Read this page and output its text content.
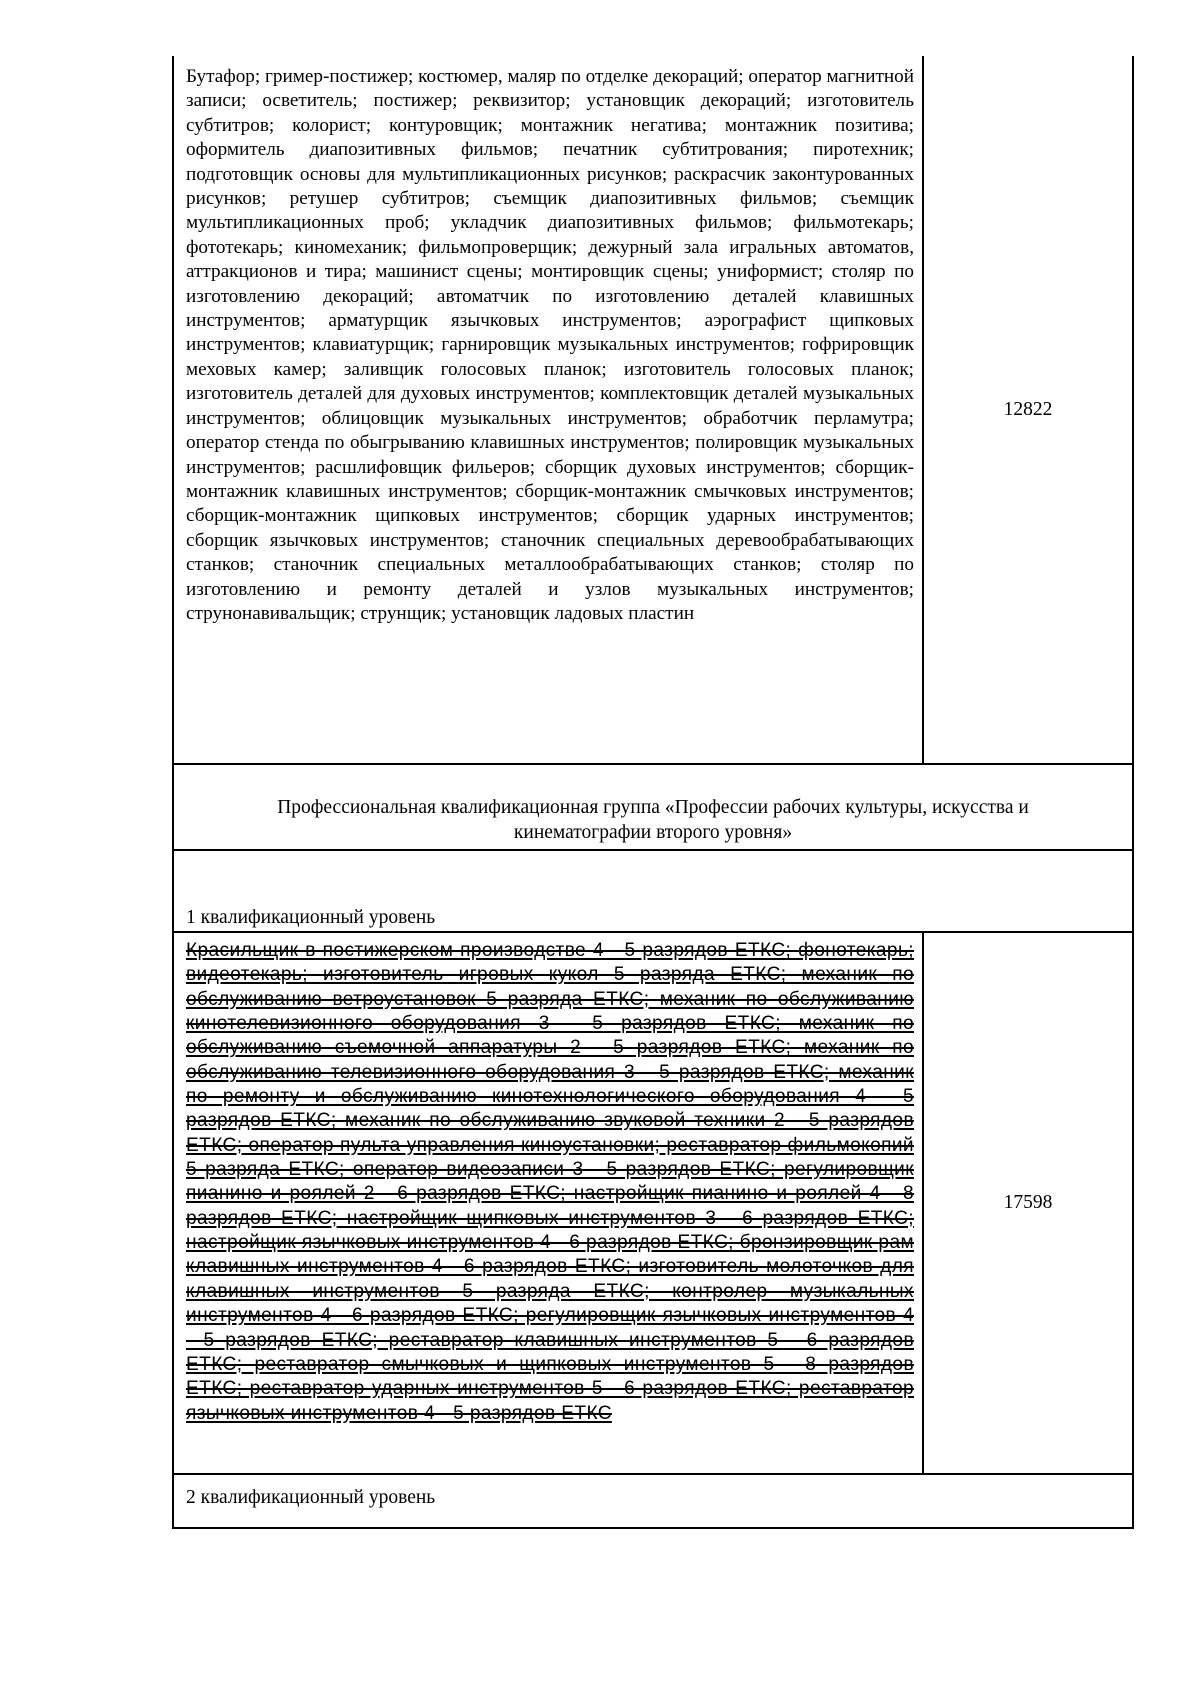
Бутафор; гример-постижер; костюмер, маляр по отделке декораций; оператор магнитной записи; осветитель; постижер; реквизитор; установщик декораций; изготовитель субтитров; колорист; контуровщик; монтажник негатива; монтажник позитива; оформитель диапозитивных фильмов; печатник субтитрования; пиротехник; подготовщик основы для мультипликационных рисунков; раскрасчик законтурованных рисунков; ретушер субтитров; съемщик диапозитивных фильмов; съемщик мультипликационных проб; укладчик диапозитивных фильмов; фильмотекарь; фототекарь; киномеханик; фильмопроверщик; дежурный зала игральных автоматов, аттракционов и тира; машинист сцены; монтировщик сцены; униформист; столяр по изготовлению декораций; автоматчик по изготовлению деталей клавишных инструментов; арматурщик язычковых инструментов; аэрографист щипковых инструментов; клавиатурщик; гарнировщик музыкальных инструментов; гофрировщик меховых камер; заливщик голосовых планок; изготовитель голосовых планок; изготовитель деталей для духовых инструментов; комплектовщик деталей музыкальных инструментов; облицовщик музыкальных инструментов; обработчик перламутра; оператор стенда по обыгрыванию клавишных инструментов; полировщик музыкальных инструментов; расшлифовщик фильеров; сборщик духовых инструментов; сборщик-монтажник клавишных инструментов; сборщик-монтажник смычковых инструментов; сборщик-монтажник щипковых инструментов; сборщик ударных инструментов; сборщик язычковых инструментов; станочник специальных деревообрабатывающих станков; станочник специальных металлообрабатывающих станков; столяр по изготовлению и ремонту деталей и узлов музыкальных инструментов; струнонавивальщик; струнщик; установщик ладовых пластин	12822

Профессиональная квалификационная группа «Профессии рабочих культуры, искусства и кинематографии второго уровня»	

1 квалификационный уровень	

Красильщик в постижерском производстве 4 - 5 разрядов ЕТКС; фонотекарь; видеотекарь; изготовитель игровых кукол 5 разряда ЕТКС; механик по обслуживанию ветроустановок 5 разряда ЕТКС; механик по обслуживанию кинотелевизионного оборудования 3 - 5 разрядов ЕТКС; механик по обслуживанию съемочной аппаратуры 2 - 5 разрядов ЕТКС; механик по обслуживанию телевизионного оборудования 3 - 5 разрядов ЕТКС; механик по ремонту и обслуживанию кинотехнологического оборудования 4 - 5 разрядов ЕТКС; механик по обслуживанию звуковой техники 2 - 5 разрядов ЕТКС; оператор пульта управления киноустановки; реставратор фильмокопий 5 разряда ЕТКС; оператор видеозаписи 3 - 5 разрядов ЕТКС; регулировщик пианино и роялей 2 - 6 разрядов ЕТКС; настройщик пианино и роялей 4 - 8 разрядов ЕТКС; настройщик щипковых инструментов 3 - 6 разрядов ЕТКС; настройщик язычковых инструментов 4 - 6 разрядов ЕТКС; бронзировщик рам клавишных инструментов 4 - 6 разрядов ЕТКС; изготовитель молоточков для клавишных инструментов 5 разряда ЕТКС; контролер музыкальных инструментов 4 - 6 разрядов ЕТКС; регулировщик язычковых инструментов 4 - 5 разрядов ЕТКС; реставратор клавишных инструментов 5 - 6 разрядов ЕТКС; реставратор смычковых и щипковых инструментов 5 - 8 разрядов ЕТКС; реставратор ударных инструментов 5 - 6 разрядов ЕТКС; реставратор язычковых инструментов 4 - 5 разрядов ЕТКС	17598

2 квалификационный уровень	
